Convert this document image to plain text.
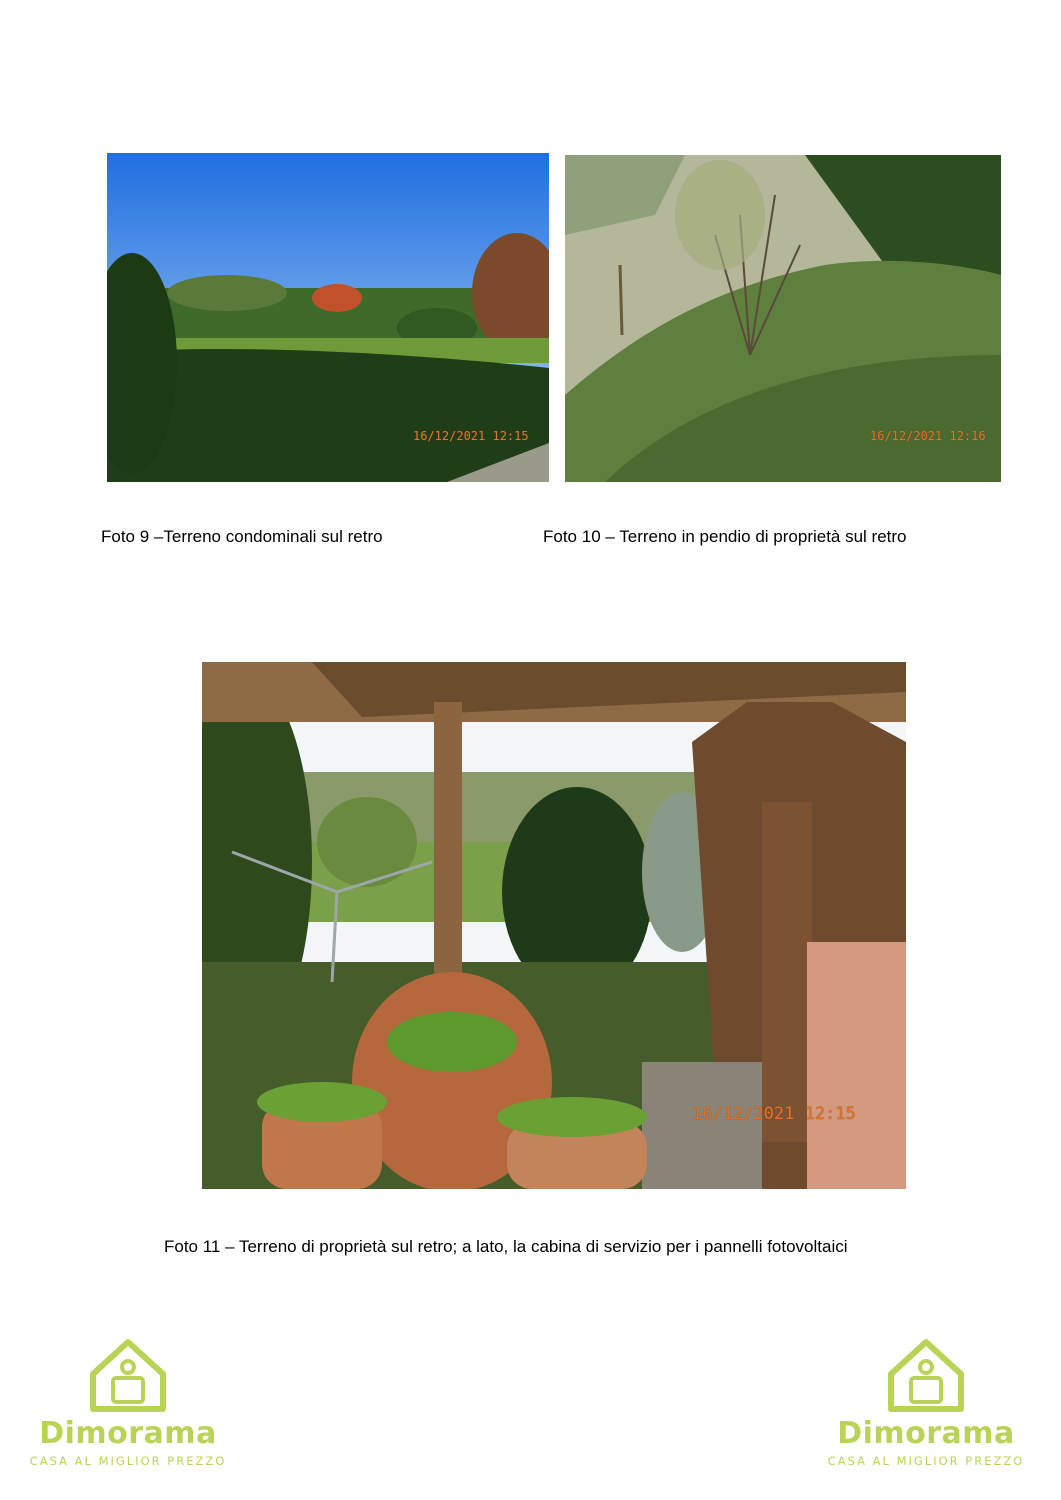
16/12/2021 12:15	16/12/2021 12:16
Foto 9 –Terreno condominali sul retro	Foto 10 – Terreno in pendio di proprietà sul retro
16/12/2021 12:15
Foto 11 – Terreno di proprietà sul retro; a lato, la cabina di servizio per i pannelli fotovoltaici
Dimorama
CASA AL MIGLIOR PREZZO
Dimorama
CASA AL MIGLIOR PREZZO
